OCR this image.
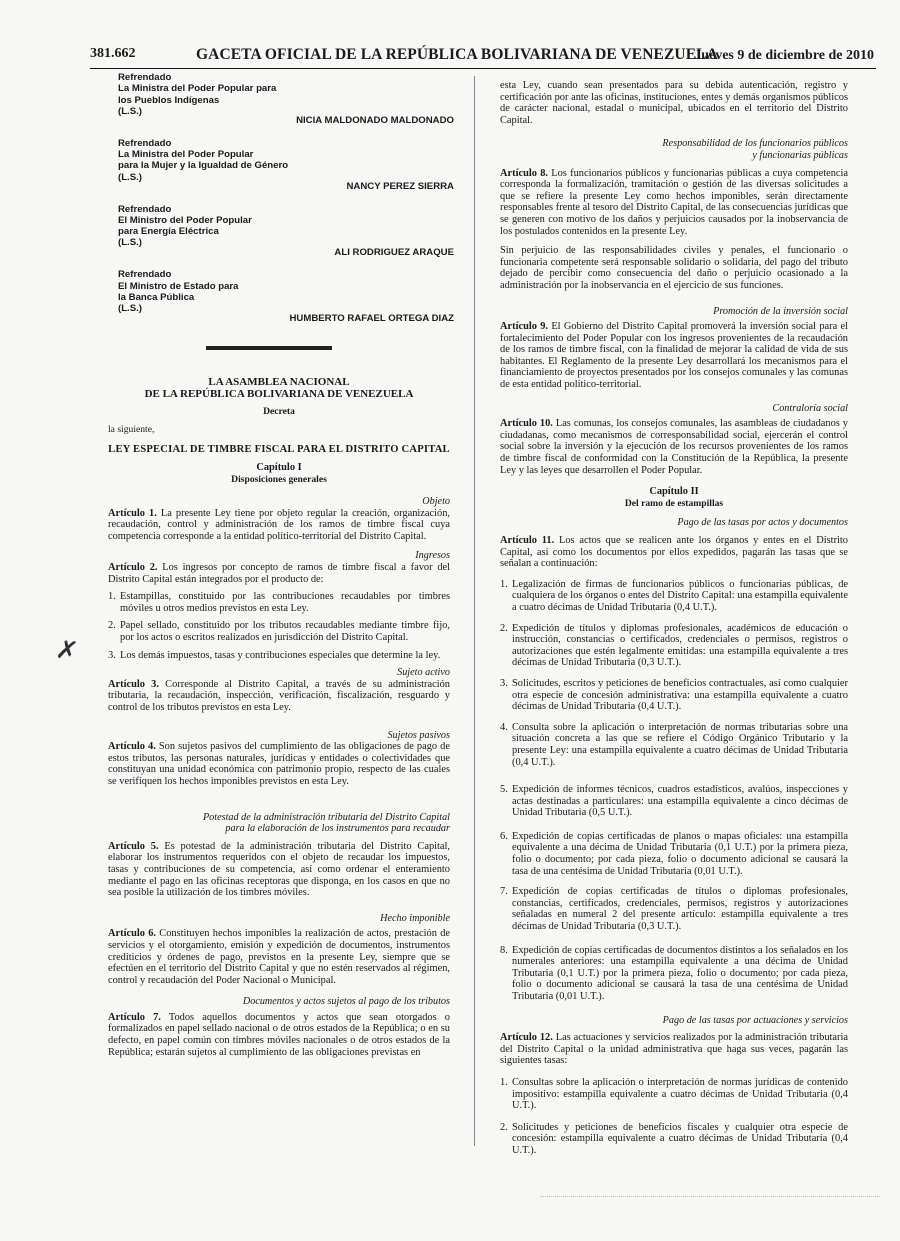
381.662	GACETA OFICIAL DE LA REPÚBLICA BOLIVARIANA DE VENEZUELA
Jueves 9 de diciembre de 2010
Refrendado
La Ministra del Poder Popular para
los Pueblos Indígenas
(L.S.)
NICIA MALDONADO MALDONADO
Refrendado
La Ministra del Poder Popular
para la Mujer y la Igualdad de Género
(L.S.)
NANCY PEREZ SIERRA
Refrendado
El Ministro del Poder Popular
para Energía Eléctrica
(L.S.)
ALI RODRIGUEZ ARAQUE
Refrendado
El Ministro de Estado para
la Banca Pública
(L.S.)
HUMBERTO RAFAEL ORTEGA DIAZ
LA ASAMBLEA NACIONAL
DE LA REPÚBLICA BOLIVARIANA DE VENEZUELA
Decreta
la siguiente,
LEY ESPECIAL DE TIMBRE FISCAL PARA EL DISTRITO CAPITAL
Capítulo I
Disposiciones generales
Objeto

Artículo 1. La presente Ley tiene por objeto regular la creación, organización, recaudación, control y administración de los ramos de timbre fiscal cuya competencia corresponde a la entidad político-territorial del Distrito Capital.

Ingresos

Artículo 2. Los ingresos por concepto de ramos de timbre fiscal a favor del Distrito Capital están integrados por el producto de:

1. Estampillas, constituido por las contribuciones recaudables por timbres móviles u otros medios previstos en esta Ley.
2. Papel sellado, constituido por los tributos recaudables mediante timbre fijo, por los actos o escritos realizados en jurisdicción del Distrito Capital.
3. Los demás impuestos, tasas y contribuciones especiales que determine la ley.
Sujeto activo

Artículo 3. Corresponde al Distrito Capital, a través de su administración tributaria, la recaudación, inspección, verificación, fiscalización, resguardo y control de los tributos previstos en esta Ley.

Sujetos pasivos

Artículo 4. Son sujetos pasivos del cumplimiento de las obligaciones de pago de estos tributos, las personas naturales, jurídicas y entidades o colectividades que constituyan una unidad económica con patrimonio propio, respecto de las cuales se verifiquen los hechos imponibles previstos en esta Ley.

Potestad de la administración tributaria del Distrito Capital
para la elaboración de los instrumentos para recaudar

Artículo 5. Es potestad de la administración tributaria del Distrito Capital, elaborar los instrumentos requeridos con el objeto de recaudar los impuestos, tasas y contribuciones de su competencia, así como ordenar el enteramiento mediante el pago en las oficinas receptoras que disponga, en los casos en que no sea posible la utilización de los timbres móviles.

Hecho imponible

Artículo 6. Constituyen hechos imponibles la realización de actos, prestación de servicios y el otorgamiento, emisión y expedición de documentos, instrumentos crediticios y órdenes de pago, previstos en la presente Ley, siempre que se efectúen en el territorio del Distrito Capital y que no estén reservados al régimen, control y recaudación del Poder Nacional o Municipal.

Documentos y actos sujetos al pago de los tributos

Artículo 7. Todos aquellos documentos y actos que sean otorgados o formalizados en papel sellado nacional o de otros estados de la República; o en su defecto, en papel común con timbres móviles nacionales o de otros estados de la República; estarán sujetos al cumplimiento de las obligaciones previstas en

✗

esta Ley, cuando sean presentados para su debida autenticación, registro y certificación por ante las oficinas, instituciones, entes y demás organismos públicos de carácter nacional, estadal o municipal, ubicados en el territorio del Distrito Capital.

Responsabilidad de los funcionarios públicos
y funcionarias públicas

Artículo 8. Los funcionarios públicos y funcionarias públicas a cuya competencia corresponda la formalización, tramitación o gestión de las diversas solicitudes a que se refiere la presente Ley como hechos imponibles, serán directamente responsables frente al tesoro del Distrito Capital, de las consecuencias jurídicas que se generen con motivo de los daños y perjuicios causados por la inobservancia de los postulados contenidos en la presente Ley.

Sin perjuicio de las responsabilidades civiles y penales, el funcionario o funcionaria competente será responsable solidario o solidaria, del pago del tributo dejado de percibir como consecuencia del daño o perjuicio ocasionado a la administración por la inobservancia en el ejercicio de sus funciones.

Promoción de la inversión social

Artículo 9. El Gobierno del Distrito Capital promoverá la inversión social para el fortalecimiento del Poder Popular con los ingresos provenientes de la recaudación de los ramos de timbre fiscal, con la finalidad de mejorar la calidad de vida de sus habitantes. El Reglamento de la presente Ley desarrollará los mecanismos para el financiamiento de proyectos presentados por los consejos comunales y las comunas de esta entidad político-territorial.

Contraloría social

Artículo 10. Las comunas, los consejos comunales, las asambleas de ciudadanos y ciudadanas, como mecanismos de corresponsabilidad social, ejercerán el control social sobre la inversión y la ejecución de los recursos provenientes de los ramos de timbre fiscal de conformidad con la Constitución de la República, la presente Ley y las leyes que desarrollen el Poder Popular.

Capítulo II
Del ramo de estampillas
Pago de las tasas por actos y documentos

Artículo 11. Los actos que se realicen ante los órganos y entes en el Distrito Capital, así como los documentos por ellos expedidos, pagarán las tasas que se señalan a continuación:

1. Legalización de firmas de funcionarios públicos o funcionarias públicas, de cualquiera de los órganos o entes del Distrito Capital: una estampilla equivalente a cuatro décimas de Unidad Tributaria (0,4 U.T.).
2. Expedición de títulos y diplomas profesionales, académicos de educación o instrucción, constancias o certificados, credenciales o permisos, registros o autorizaciones que estén legalmente emitidas: una estampilla equivalente a tres décimas de Unidad Tributaria (0,3 U.T.).
3. Solicitudes, escritos y peticiones de beneficios contractuales, así como cualquier otra especie de concesión administrativa: una estampilla equivalente a cuatro décimas de Unidad Tributaria (0,4 U.T.).
4. Consulta sobre la aplicación o interpretación de normas tributarias sobre una situación concreta a las que se refiere el Código Orgánico Tributario y la presente Ley: una estampilla equivalente a cuatro décimas de Unidad Tributaria (0,4 U.T.).
5. Expedición de informes técnicos, cuadros estadísticos, avalúos, inspecciones y actas destinadas a particulares: una estampilla equivalente a cinco décimas de Unidad Tributaria (0,5 U.T.).
6. Expedición de copias certificadas de planos o mapas oficiales: una estampilla equivalente a una décima de Unidad Tributaria (0,1 U.T.) por la primera pieza, folio o documento; por cada pieza, folio o documento adicional se causará la tasa de una centésima de Unidad Tributaria (0,01 U.T.).
7. Expedición de copias certificadas de títulos o diplomas profesionales, constancias, certificados, credenciales, permisos, registros y autorizaciones señaladas en numeral 2 del presente artículo: estampilla equivalente a tres décimas de Unidad Tributaria (0,3 U.T.).
8. Expedición de copias certificadas de documentos distintos a los señalados en los numerales anteriores: una estampilla equivalente a una décima de Unidad Tributaria (0,1 U.T.) por la primera pieza, folio o documento; por cada pieza, folio o documento adicional se causará la tasa de una centésima de Unidad Tributaria (0,01 U.T.).
Pago de las tasas por actuaciones y servicios

Artículo 12. Las actuaciones y servicios realizados por la administración tributaria del Distrito Capital o la unidad administrativa que haga sus veces, pagarán las siguientes tasas:

1. Consultas sobre la aplicación o interpretación de normas jurídicas de contenido impositivo: estampilla equivalente a cuatro décimas de Unidad Tributaria (0,4 U.T.).
2. Solicitudes y peticiones de beneficios fiscales y cualquier otra especie de concesión: estampilla equivalente a cuatro décimas de Unidad Tributaria (0,4 U.T.).
